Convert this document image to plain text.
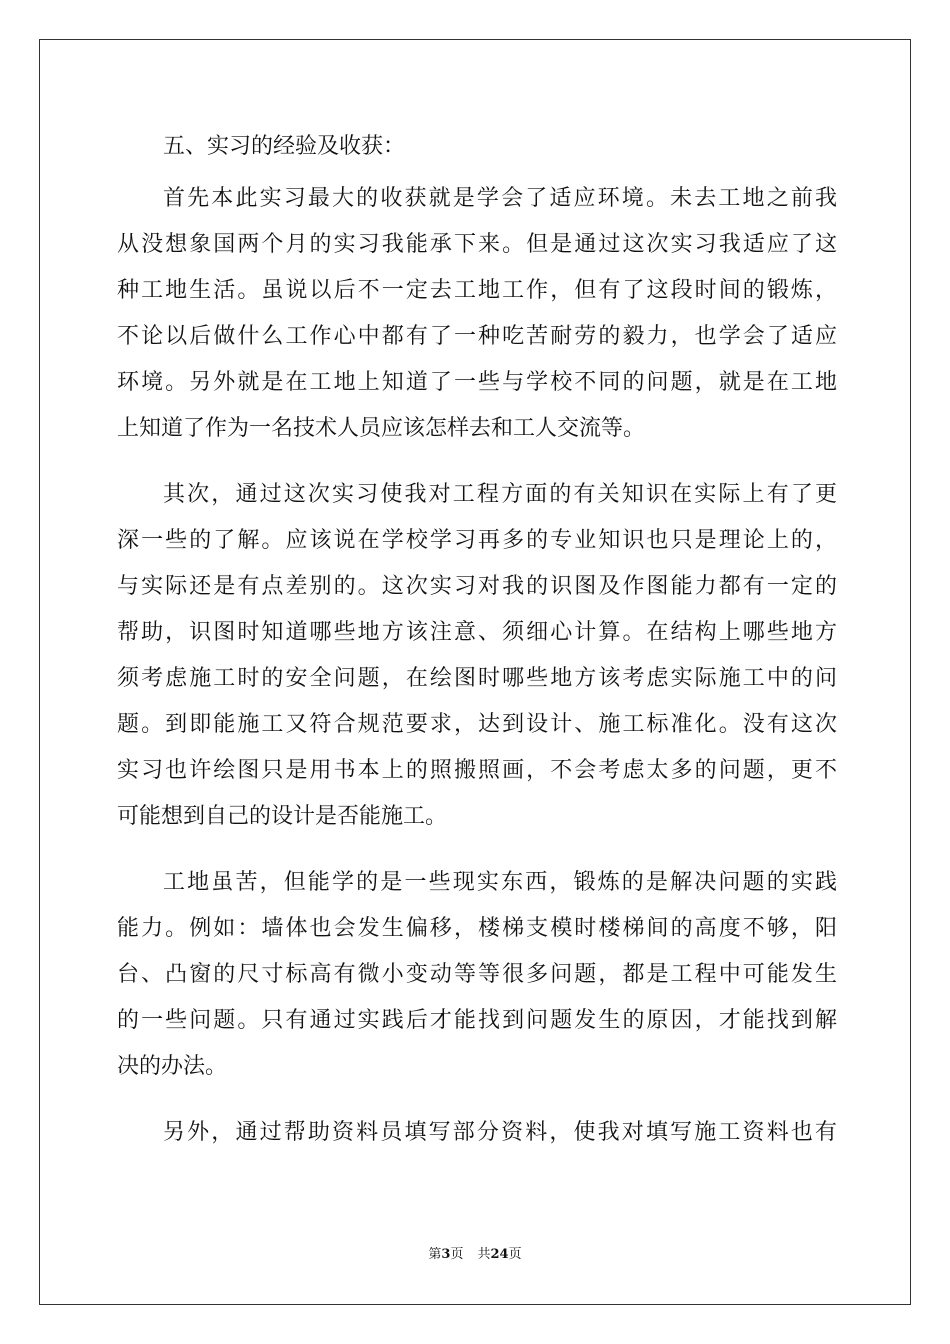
五、实习的经验及收获：
首先本此实习最大的收获就是学会了适应环境。未去工地之前我
从没想象国两个月的实习我能承下来。但是通过这次实习我适应了这
种工地生活。虽说以后不一定去工地工作，但有了这段时间的锻炼，
不论以后做什么工作心中都有了一种吃苦耐劳的毅力，也学会了适应
环境。另外就是在工地上知道了一些与学校不同的问题，就是在工地
上知道了作为一名技术人员应该怎样去和工人交流等。
其次，通过这次实习使我对工程方面的有关知识在实际上有了更
深一些的了解。应该说在学校学习再多的专业知识也只是理论上的，
与实际还是有点差别的。这次实习对我的识图及作图能力都有一定的
帮助，识图时知道哪些地方该注意、须细心计算。在结构上哪些地方
须考虑施工时的安全问题，在绘图时哪些地方该考虑实际施工中的问
题。到即能施工又符合规范要求，达到设计、施工标准化。没有这次
实习也许绘图只是用书本上的照搬照画，不会考虑太多的问题，更不
可能想到自己的设计是否能施工。
工地虽苦，但能学的是一些现实东西，锻炼的是解决问题的实践
能力。例如：墙体也会发生偏移，楼梯支模时楼梯间的高度不够，阳
台、凸窗的尺寸标高有微小变动等等很多问题，都是工程中可能发生
的一些问题。只有通过实践后才能找到问题发生的原因，才能找到解
决的办法。
另外，通过帮助资料员填写部分资料，使我对填写施工资料也有
第3页 共24页
